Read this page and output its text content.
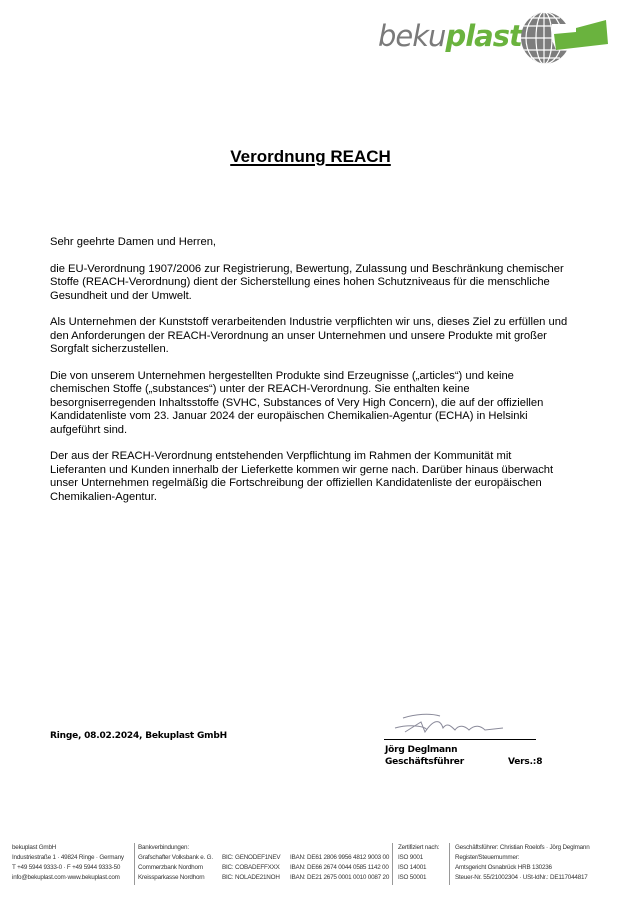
bekuplast
Verordnung REACH

Sehr geehrte Damen und Herren,

die EU-Verordnung 1907/2006 zur Registrierung, Bewertung, Zulassung und Beschränkung chemischer Stoffe (REACH-Verordnung) dient der Sicherstellung eines hohen Schutzniveaus für die menschliche Gesundheit und der Umwelt.

Als Unternehmen der Kunststoff verarbeitenden Industrie verpflichten wir uns, dieses Ziel zu erfüllen und den Anforderungen der REACH-Verordnung an unser Unternehmen und unsere Produkte mit großer Sorgfalt sicherzustellen.

Die von unserem Unternehmen hergestellten Produkte sind Erzeugnisse („articles“) und keine chemischen Stoffe („substances“) unter der REACH-Verordnung. Sie enthalten keine besorgniserregenden Inhaltsstoffe (SVHC, Substances of Very High Concern), die auf der offiziellen Kandidatenliste vom 23. Januar 2024 der europäischen Chemikalien-Agentur (ECHA) in Helsinki aufgeführt sind.

Der aus der REACH-Verordnung entstehenden Verpflichtung im Rahmen der Kommunität mit Lieferanten und Kunden innerhalb der Lieferkette kommen wir gerne nach. Darüber hinaus überwacht unser Unternehmen regelmäßig die Fortschreibung der offiziellen Kandidatenliste der europäischen Chemikalien-Agentur.

Ringe, 08.02.2024, Bekuplast GmbH
Jörg Deglmann
Geschäftsführer	Vers.:8
bekuplast GmbH
Industriestraße 1 · 49824 Ringe · Germany
T +49 5944 9333-0 · F +49 5944 9333-50
info@bekuplast.com·www.bekuplast.com
Bankverbindungen:
Grafschafter Volksbank e. G.	BIC: GENODEF1NEV	IBAN: DE61 2806 9956 4812 9003 00
Commerzbank Nordhorn	BIC: COBADEFFXXX	IBAN: DE66 2674 0044 0585 1142 00
Kreissparkasse Nordhorn	BIC: NOLADE21NOH	IBAN: DE21 2675 0001 0010 0087 20
Zertifiziert nach:
ISO 9001
ISO 14001
ISO 50001
Geschäftsführer: Christian Roelofs · Jörg Deglmann
Register/Steuernummer:
Amtsgericht Osnabrück HRB 130236
Steuer-Nr. 55/21002304 · USt-IdNr.: DE117044817
